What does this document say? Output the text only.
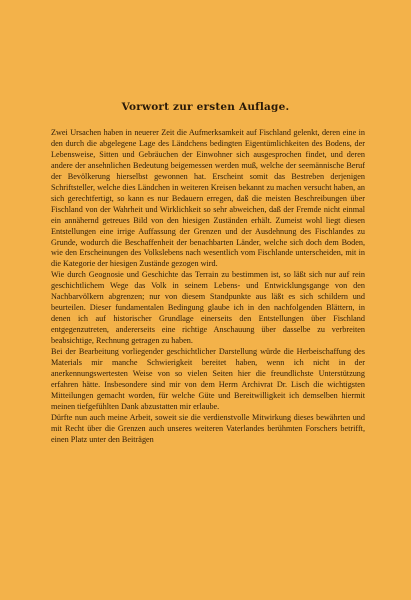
Vorwort zur ersten Auflage.

Zwei Ursachen haben in neuerer Zeit die Aufmerksamkeit auf Fischland gelenkt, deren eine in den durch die abgelegene Lage des Ländchens bedingten Eigentümlichkeiten des Bodens, der Lebensweise, Sitten und Gebräuchen der Einwohner sich ausgesprochen findet, und deren andere der ansehnlichen Bedeutung beigemessen werden muß, welche der seemännische Beruf der Bevölkerung hierselbst gewonnen hat. Erscheint somit das Bestreben derjenigen Schriftsteller, welche dies Ländchen in weiteren Kreisen bekannt zu machen versucht haben, an sich gerechtfertigt, so kann es nur Bedauern erregen, daß die meisten Beschreibungen über Fischland von der Wahrheit und Wirklichkeit so sehr abweichen, daß der Fremde nicht einmal ein annähernd getreues Bild von den hiesigen Zuständen erhält. Zumeist wohl liegt diesen Entstellungen eine irrige Auffassung der Grenzen und der Ausdehnung des Fischlandes zu Grunde, wodurch die Beschaffenheit der benachbarten Länder, welche sich doch dem Boden, wie den Erscheinungen des Volkslebens nach wesentlich vom Fischlande unterscheiden, mit in die Kategorie der hiesigen Zustände gezogen wird.

Wie durch Geognosie und Geschichte das Terrain zu bestimmen ist, so läßt sich nur auf rein geschichtlichem Wege das Volk in seinem Lebens- und Entwicklungsgange von den Nachbarvölkern abgrenzen; nur von diesem Standpunkte aus läßt es sich schildern und beurteilen. Dieser fundamentalen Bedingung glaube ich in den nachfolgenden Blättern, in denen ich auf historischer Grundlage einerseits den Entstellungen über Fischland entgegenzutreten, andererseits eine richtige Anschauung über dasselbe zu verbreiten beabsichtige, Rechnung getragen zu haben.

Bei der Bearbeitung vorliegender geschichtlicher Darstellung würde die Herbeischaffung des Materials mir manche Schwierigkeit bereitet haben, wenn ich nicht in der anerkennungswertesten Weise von so vielen Seiten hier die freundlichste Unterstützung erfahren hätte. Insbesondere sind mir von dem Herrn Archivrat Dr. Lisch die wichtigsten Mitteilungen gemacht worden, für welche Güte und Bereitwilligkeit ich demselben hiermit meinen tiefgefühlten Dank abzustatten mir erlaube.

Dürfte nun auch meine Arbeit, soweit sie die verdienstvolle Mitwirkung dieses bewährten und mit Recht über die Grenzen auch unseres weiteren Vaterlandes berühmten Forschers betrifft, einen Platz unter den Beiträgen
